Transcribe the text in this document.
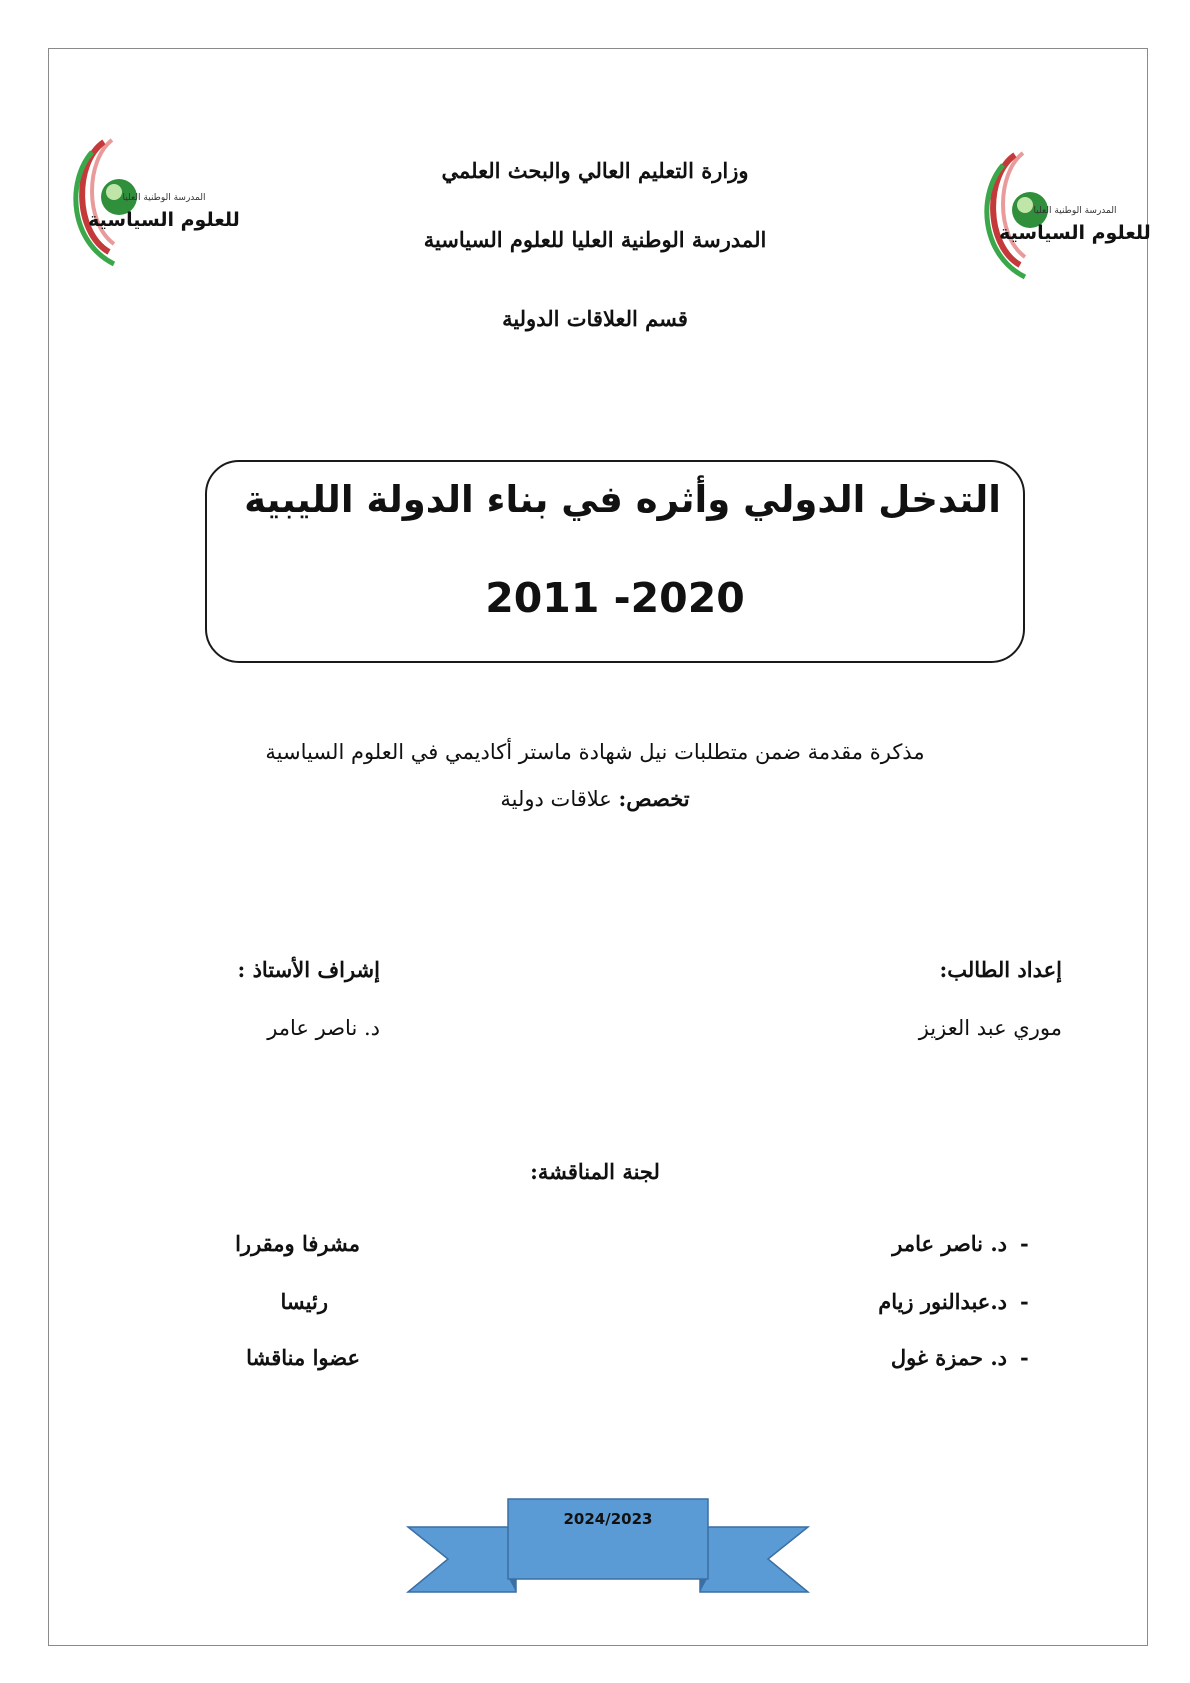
المدرسة الوطنية العليا
للعلوم السياسية	المدرسة الوطنية العليا
للعلوم السياسية
وزارة التعليم العالي والبحث العلمي
المدرسة الوطنية العليا للعلوم السياسية
قسم العلاقات الدولية
التدخل الدولي وأثره في بناء الدولة الليبية
2011 -2020
مذكرة مقدمة ضمن متطلبات نيل شهادة ماستر أكاديمي في العلوم السياسية
تخصص: علاقات دولية
إعداد الطالب:
موري عبد العزيز
إشراف الأستاذ :
د. ناصر عامر
لجنة المناقشة:
-
د. ناصر عامر
مشرفا ومقررا
-
د.عبدالنور زيام
رئيسا
-
د. حمزة غول
عضوا مناقشا
2024/2023
